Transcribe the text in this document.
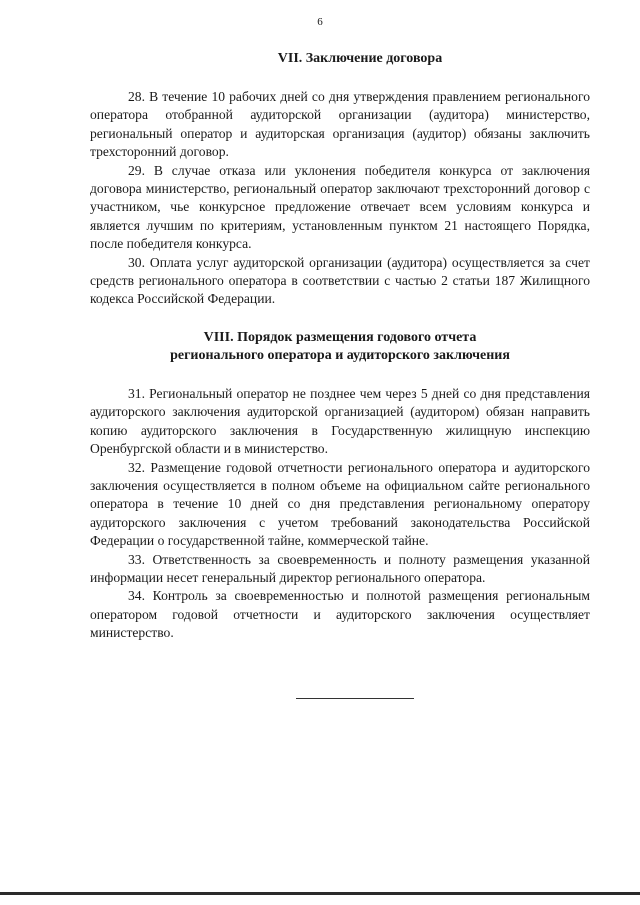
6
VII. Заключение договора

28. В течение 10 рабочих дней со дня утверждения правлением регионального оператора отобранной аудиторской организации (аудитора) министерство, региональный оператор и аудиторская организация (аудитор) обязаны заключить трехсторонний договор.

29. В случае отказа или уклонения победителя конкурса от заключения договора министерство, региональный оператор заключают трехсторонний договор с участником, чье конкурсное предложение отвечает всем условиям конкурса и является лучшим по критериям, установленным пунктом 21 настоящего Порядка, после победителя конкурса.

30. Оплата услуг аудиторской организации (аудитора) осуществляется за счет средств регионального оператора в соответствии с частью 2 статьи 187 Жилищного кодекса Российской Федерации.

VIII. Порядок размещения годового отчета
регионального оператора и аудиторского заключения

31. Региональный оператор не позднее чем через 5 дней со дня представления аудиторского заключения аудиторской организацией (аудитором) обязан направить копию аудиторского заключения в Государственную жилищную инспекцию Оренбургской области и в министерство.

32. Размещение годовой отчетности регионального оператора и аудиторского заключения осуществляется в полном объеме на официальном сайте регионального оператора в течение 10 дней со дня представления региональному оператору аудиторского заключения с учетом требований законодательства Российской Федерации о государственной тайне, коммерческой тайне.

33. Ответственность за своевременность и полноту размещения указанной информации несет генеральный директор регионального оператора.

34. Контроль за своевременностью и полнотой размещения региональным оператором годовой отчетности и аудиторского заключения осуществляет министерство.
